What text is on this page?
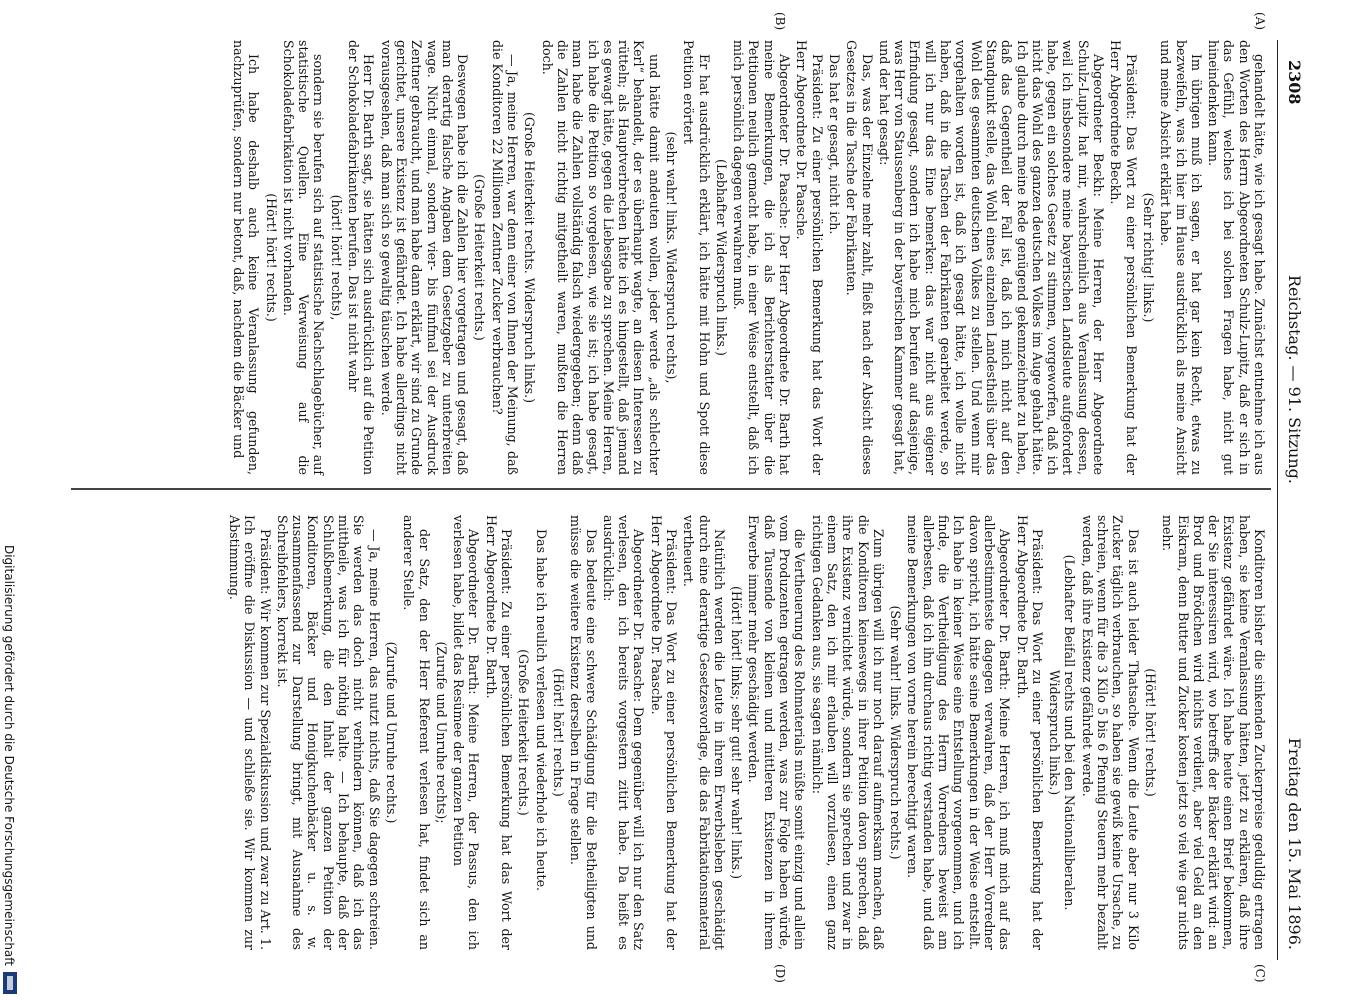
2308
Reichstag. — 91. Sitzung.
Freitag den 15. Mai 1896.
(A)
(B)
(C)
(D)

gehandelt hätte, wie ich gesagt habe. Zunächst entnehme ich aus den Worten des Herrn Abgeordneten Schulz-Lupitz, daß er sich in das Gefühl, welches ich bei solchen Fragen habe, nicht gut hineindenken kann.

Im übrigen muß ich sagen, er hat gar kein Recht, etwas zu bezweifeln, was ich hier im Hause ausdrücklich als meine Ansicht und meine Absicht erklärt habe.

(Sehr richtig! links.)

Präsident: Das Wort zu einer persönlichen Bemerkung hat der Herr Abgeordnete Beckh.

Abgeordneter Beckh: Meine Herren, der Herr Abgeordnete Schulz-Lupitz hat mir, wahrscheinlich aus Veranlassung dessen, weil ich insbesondere meine bayerischen Landsleute aufgefordert habe, gegen ein solches Gesetz zu stimmen, vorgeworfen, daß ich nicht das Wohl des ganzen deutschen Volkes im Auge gehabt hätte. Ich glaube durch meine Rede genügend gekennzeichnet zu haben, daß das Gegentheil der Fall ist, daß ich mich nicht auf den Standpunkt stelle, das Wohl eines einzelnen Landestheils über das Wohl des gesammten deutschen Volkes zu stellen. Und wenn mir vorgehalten worden ist, daß ich gesagt hätte, ich wolle nicht haben, daß in die Taschen der Fabrikanten gearbeitet werde, so will ich nur das Eine bemerken: das war nicht aus eigener Erfindung gesagt, sondern ich habe mich berufen auf dasjenige, was Herr von Staussenberg in der bayerischen Kammer gesagt hat, und der hat gesagt:

Das, was der Einzelne mehr zahlt, fließt nach der Absicht dieses Gesetzes in die Tasche der Fabrikanten.

Das hat er gesagt, nicht ich.

Präsident: Zu einer persönlichen Bemerkung hat das Wort der Herr Abgeordnete Dr. Paasche.

Abgeordneter Dr. Paasche: Der Herr Abgeordnete Dr. Barth hat meine Bemerkungen, die ich als Berichterstatter über die Petitionen neulich gemacht habe, in einer Weise entstellt, daß ich mich persönlich dagegen verwahren muß.

(Lebhafter Widerspruch links.)

Er hat ausdrücklich erklärt, ich hätte mit Hohn und Spott diese Petition erörtert

(sehr wahr! links. Widerspruch rechts),

und hätte damit andeuten wollen, jeder werde „als schlechter Kerl“ behandelt, der es überhaupt wagte, an diesen Interessen zu rütteln; als Hauptverbrechen hätte ich es hingestellt, daß jemand es gewagt hätte, gegen die Liebesgabe zu sprechen. Meine Herren, ich habe die Petition so vorgelesen, wie sie ist; ich habe gesagt, man habe die Zahlen vollständig falsch wiedergegeben; denn daß die Zahlen nicht richtig mitgetheilt waren, mußten die Herren doch.

(Große Heiterkeit rechts. Widerspruch links.)

— Ja, meine Herren, war denn einer von Ihnen der Meinung, daß die Konditoren 22 Millionen Zentner Zucker verbrauchen?

(Große Heiterkeit rechts.)

Deswegen habe ich die Zahlen hier vorgetragen und gesagt, daß man derartig falsche Angaben dem Gesetzgeber zu unterbreiten wage. Nicht einmal, sondern vier- bis fünfmal sei der Ausdruck Zentner gebraucht, und man habe dann erklärt, wir sind zu Grunde gerichtet, unsere Existenz ist gefährdet. Ich habe allerdings nicht vorausgesehen, daß man sich so gewaltig täuschen werde.

Herr Dr. Barth sagt, sie hätten sich ausdrücklich auf die Petition der Schokoladefabrikanten berufen. Das ist nicht wahr

(hört! hört! rechts),

sondern sie berufen sich auf statistische Nachschlagebücher, auf statistische Quellen. Eine Verweisung auf die Schokoladefabrikation ist nicht vorhanden.

(Hört! hört! rechts.)

Ich habe deshalb auch keine Veranlassung gefunden, nachzuprüfen, sondern nur betont, daß, nachdem die Bäcker und

Konditoren bisher die sinkenden Zuckerpreise geduldig ertragen haben, sie keine Veranlassung hätten, jetzt zu erklären, daß ihre Existenz gefährdet wäre. Ich habe heute einen Brief bekommen, der Sie interessiren wird, wo betreffs der Bäcker erklärt wird: an Brod und Brödchen wird nichts verdient, aber viel Geld an den Eiskram, denn Butter und Zucker kosten jetzt so viel wie gar nichts mehr.

(Hört! hört! rechts.)

Das ist auch leider Thatsache. Wenn die Leute aber nur 3 Kilo Zucker täglich verbrauchen, so haben sie gewiß keine Ursache, zu schreien, wenn für die 3 Kilo 5 bis 6 Pfennig Steuern mehr bezahlt werden, daß ihre Existenz gefährdet werde.

(Lebhafter Beifall rechts und bei den Nationalliberalen. Widerspruch links.)

Präsident: Das Wort zu einer persönlichen Bemerkung hat der Herr Abgeordnete Dr. Barth.

Abgeordneter Dr. Barth: Meine Herren, ich muß mich auf das allerbestimmteste dagegen verwahren, daß der Herr Vorredner davon spricht, ich hätte seine Bemerkungen in der Weise entstellt. Ich habe in keiner Weise eine Entstellung vorgenommen, und ich finde, die Vertheidigung des Herrn Vorredners beweist am allerbesten, daß ich ihn durchaus richtig verstanden habe, und daß meine Bemerkungen von vorne herein berechtigt waren.

(Sehr wahr! links. Widerspruch rechts.)

Zum übrigen will ich nur noch darauf aufmerksam machen, daß die Konditoren keineswegs in ihrer Petition davon sprechen, daß ihre Existenz vernichtet würde, sondern sie sprechen und zwar in einem Satz, den ich mir erlauben will vorzulesen, einen ganz richtigen Gedanken aus, sie sagen nämlich:

die Vertheuerung des Rohmaterials müßte somit einzig und allein vom Produzenten getragen werden, was zur Folge haben würde, daß Tausende von kleinen und mittleren Existenzen in ihrem Erwerbe immer mehr geschädigt werden.

(Hört! hört! links; sehr gut! sehr wahr! links.)

Natürlich werden die Leute in ihrem Erwerbsleben geschädigt durch eine derartige Gesetzesvorlage, die das Fabrikationsmaterial vertheuert.

Präsident: Das Wort zu einer persönlichen Bemerkung hat der Herr Abgeordnete Dr. Paasche.

Abgeordneter Dr. Paasche: Dem gegenüber will ich nur den Satz verlesen, den ich bereits vorgestern zitirt habe. Da heißt es ausdrücklich:

Das bedeute eine schwere Schädigung für die Betheiligten und müsse die weitere Existenz derselben in Frage stellen.

(Hört! hört! rechts.)

Das habe ich neulich verlesen und wiederhole ich heute.

(Große Heiterkeit rechts.)

Präsident: Zu einer persönlichen Bemerkung hat das Wort der Herr Abgeordnete Dr. Barth.

Abgeordneter Dr. Barth: Meine Herren, der Passus, den ich verlesen habe, bildet das Resümee der ganzen Petition

(Zurufe und Unruhe rechts);

der Satz, den der Herr Referent verlesen hat, findet sich an anderer Stelle.

(Zurufe und Unruhe rechts.)

— Ja, meine Herren, das nutzt nichts, daß Sie dagegen schreien. Sie werden das doch nicht verhindern können, daß ich das mittheile, was ich für nöthig halte. — Ich behaupte, daß der Schlußbemerkung, die den Inhalt der ganzen Petition der Konditoren, Bäcker und Honigkuchenbäcker u. s. w. zusammenfassend zur Darstellung bringt, mit Ausnahme des Schreibfehlers, korrekt ist.

Präsident: Wir kommen zur Spezialdiskussion und zwar zu Art. 1. Ich eröffne die Diskussion — und schließe sie. Wir kommen zur Abstimmung.

Digitalisierung gefördert durch die Deutsche Forschungsgemeinschaft
